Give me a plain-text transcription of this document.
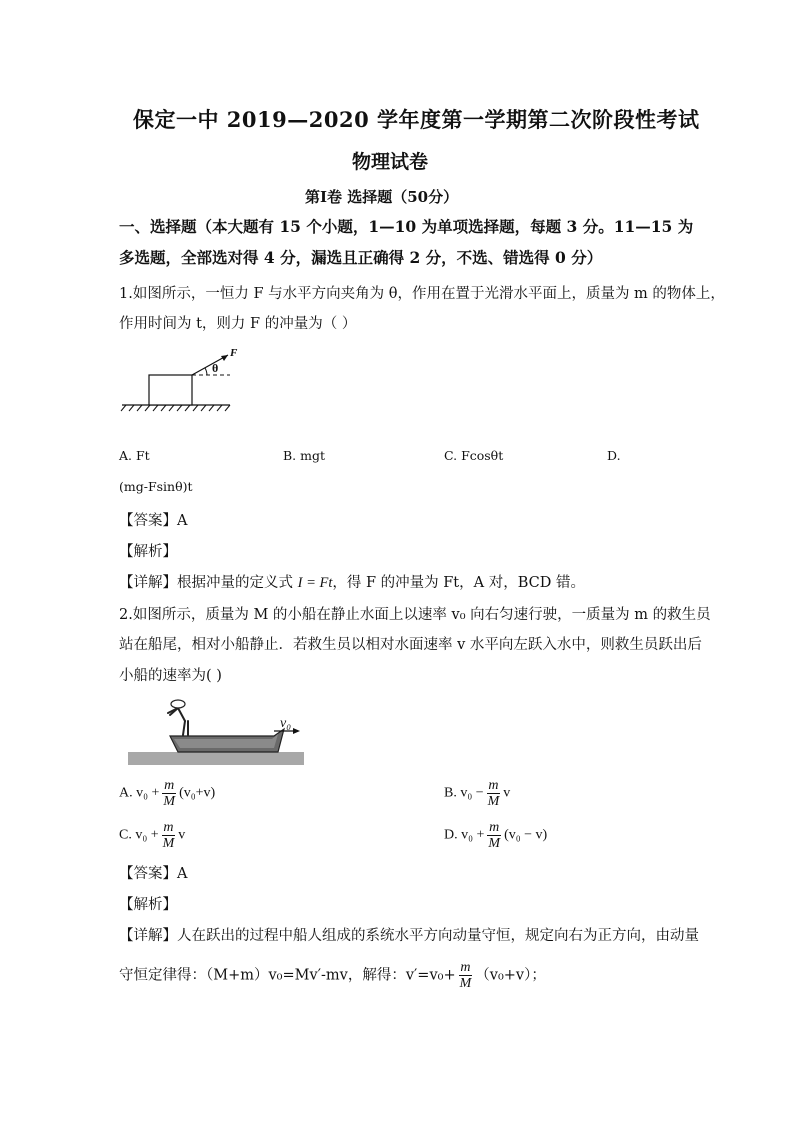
保定一中 2019—2020 学年度第一学期第二次阶段性考试
物理试卷
第Ⅰ卷 选择题（50分）
一、选择题（本大题有 15 个小题，1—10 为单项选择题，每题 3 分。11—15 为
多选题，全部选对得 4 分，漏选且正确得 2 分，不选、错选得 0 分）
1.如图所示，一恒力 F 与水平方向夹角为 θ，作用在置于光滑水平面上，质量为 m 的物体上，
作用时间为 t，则力 F 的冲量为（ ）
θ
F
A. Ft	B. mgt	C. Fcosθt	D.
(mg-Fsinθ)t
【答案】A
【解析】
【详解】根据冲量的定义式 I = Ft，得 F 的冲量为 Ft，A 对，BCD 错。
2.如图所示，质量为 M 的小船在静止水面上以速率 v₀ 向右匀速行驶，一质量为 m 的救生员
站在船尾，相对小船静止．若救生员以相对水面速率 v 水平向左跃入水中，则救生员跃出后
小船的速率为( )
v₀
A. $v_0 + \frac{m}{M} (v_0+v)$	B. $v_0 - \frac{m}{M}$ v
C. $v_0 + \frac{m}{M}$ v	D. $v_0 + \frac{m}{M} (v_0 - v)$
【答案】A
【解析】
【详解】人在跃出的过程中船人组成的系统水平方向动量守恒，规定向右为正方向，由动量
守恒定律得：（M+m）v₀=Mv′-mv，解得：$v'=v_0+ \frac{m}{M} (v_0+v)$；
